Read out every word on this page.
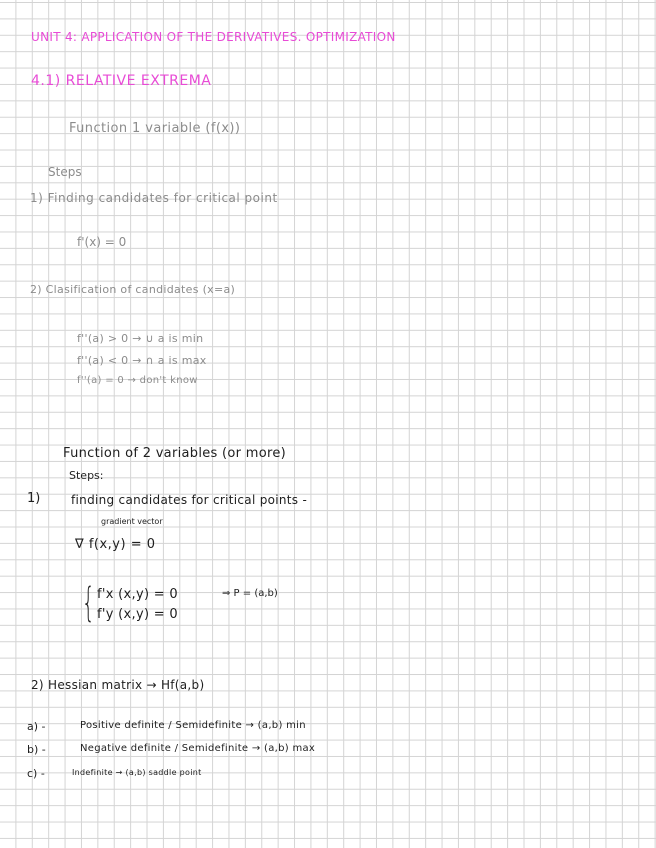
UNIT 4: APPLICATION OF THE DERIVATIVES. OPTIMIZATION
4.1) RELATIVE EXTREMA
Function 1 variable (f(x))
Steps
1) Finding candidates for critical point
f'(x) = 0
2) Clasification of candidates (x=a)
f''(a) > 0 → ∪ a is min
f''(a) < 0 → ∩ a is max
f''(a) = 0 → don't know
Function of 2 variables (or more)
Steps:
1)	finding candidates for critical points -
gradient vector
∇ f(x,y) = 0
{ f'x (x,y) = 0
f'y (x,y) = 0
⇒ P = (a,b)
2) Hessian matrix → Hf(a,b)
a) -	Positive definite / Semidefinite → (a,b) min
b) -	Negative definite / Semidefinite → (a,b) max
c) -	Indefinite → (a,b) saddle point
